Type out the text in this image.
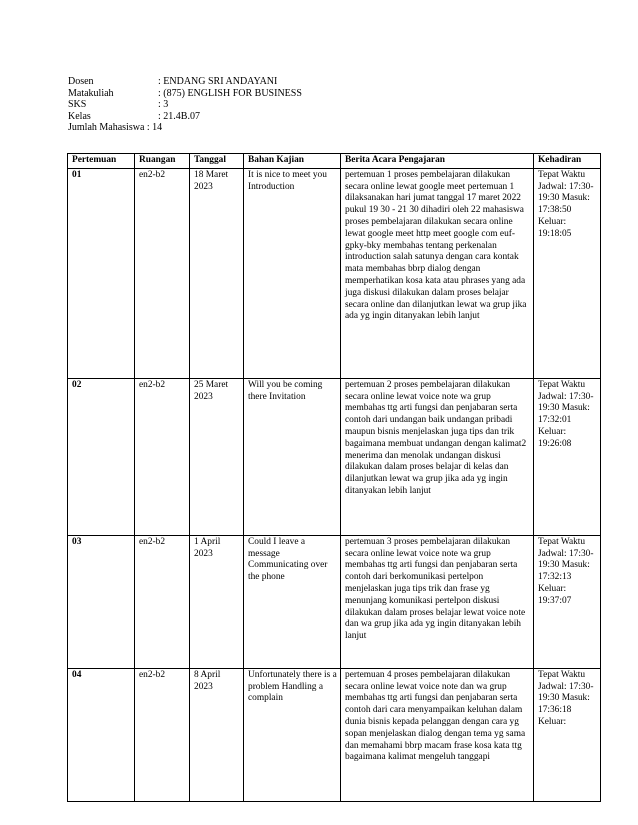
Dosen	: ENDANG SRI ANDAYANI
Matakuliah	: (875) ENGLISH FOR BUSINESS
SKS	: 3
Kelas	: 21.4B.07
Jumlah Mahasiswa : 14
Pertemuan	Ruangan	Tanggal	Bahan Kajian	Berita Acara Pengajaran	Kehadiran
01	en2-b2	18 Maret 2023	It is nice to meet you Introduction	pertemuan 1 proses pembelajaran dilakukan secara online lewat google meet pertemuan 1 dilaksanakan hari jumat tanggal 17 maret 2022 pukul 19 30 - 21 30 dihadiri oleh 22 mahasiswa proses pembelajaran dilakukan secara online lewat google meet http meet google com euf-gpky-bky membahas tentang perkenalan introduction salah satunya dengan cara kontak mata membahas bbrp dialog dengan memperhatikan kosa kata atau phrases yang ada juga diskusi dilakukan dalam proses belajar secara online dan dilanjutkan lewat wa grup jika ada yg ingin ditanyakan lebih lanjut	Tepat Waktu Jadwal: 17:30-19:30 Masuk: 17:38:50 Keluar: 19:18:05
02	en2-b2	25 Maret 2023	Will you be coming there Invitation	pertemuan 2 proses pembelajaran dilakukan secara online lewat voice note wa grup membahas ttg arti fungsi dan penjabaran serta contoh dari undangan baik undangan pribadi maupun bisnis menjelaskan juga tips dan trik bagaimana membuat undangan dengan kalimat2 menerima dan menolak undangan diskusi dilakukan dalam proses belajar di kelas dan dilanjutkan lewat wa grup jika ada yg ingin ditanyakan lebih lanjut	Tepat Waktu Jadwal: 17:30-19:30 Masuk: 17:32:01 Keluar: 19:26:08
03	en2-b2	1 April 2023	Could I leave a message Communicating over the phone	pertemuan 3 proses pembelajaran dilakukan secara online lewat voice note wa grup membahas ttg arti fungsi dan penjabaran serta contoh dari berkomunikasi pertelpon menjelaskan juga tips trik dan frase yg menunjang komunikasi pertelpon diskusi dilakukan dalam proses belajar lewat voice note dan wa grup jika ada yg ingin ditanyakan lebih lanjut	Tepat Waktu Jadwal: 17:30-19:30 Masuk: 17:32:13 Keluar: 19:37:07
04	en2-b2	8 April 2023	Unfortunately there is a problem Handling a complain	pertemuan 4 proses pembelajaran dilakukan secara online lewat voice note dan wa grup membahas ttg arti fungsi dan penjabaran serta contoh dari cara menyampaikan keluhan dalam dunia bisnis kepada pelanggan dengan cara yg sopan menjelaskan dialog dengan tema yg sama dan memahami bbrp macam frase kosa kata ttg bagaimana kalimat mengeluh tanggapi	Tepat Waktu Jadwal: 17:30-19:30 Masuk: 17:36:18 Keluar:
